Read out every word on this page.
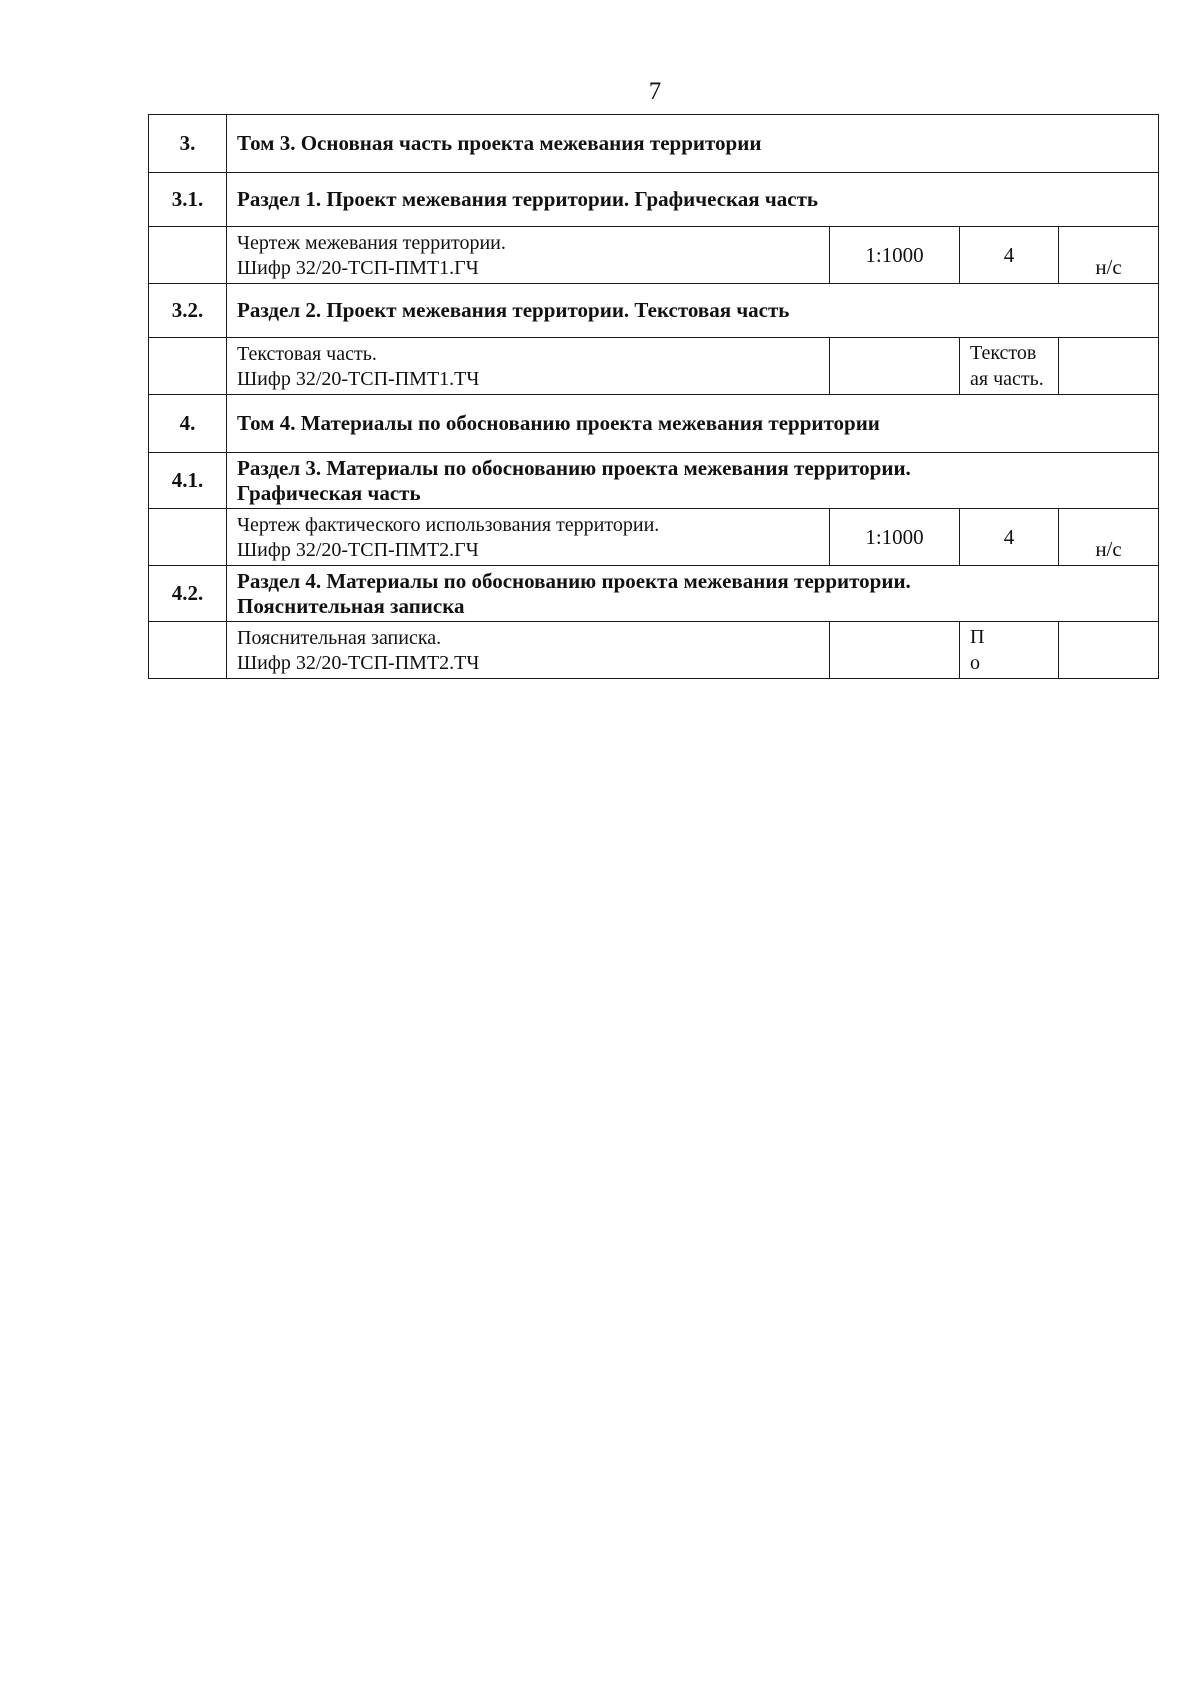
7
3.	Том 3. Основная часть проекта межевания территории			
3.1.	Раздел 1. Проект межевания территории. Графическая часть			

	Чертеж межевания территории.
Шифр 32/20-ТСП-ПМТ1.ГЧ	1:1000	4	н/с
3.2.	Раздел 2. Проект межевания территории. Текстовая часть			

	Текстовая часть.
Шифр 32/20-ТСП-ПМТ1.ТЧ		Текстов
ая часть.	

4.	Том 4. Материалы по обоснованию проекта межевания территории			
4.1.	Раздел 3. Материалы по обоснованию проекта межевания территории.
Графическая часть			

	Чертеж фактического использования территории.
Шифр 32/20-ТСП-ПМТ2.ГЧ	1:1000	4	н/с
4.2.	Раздел 4. Материалы по обоснованию проекта межевания территории.
Пояснительная записка			

	Пояснительная записка.
Шифр 32/20-ТСП-ПМТ2.ТЧ		П
о	
